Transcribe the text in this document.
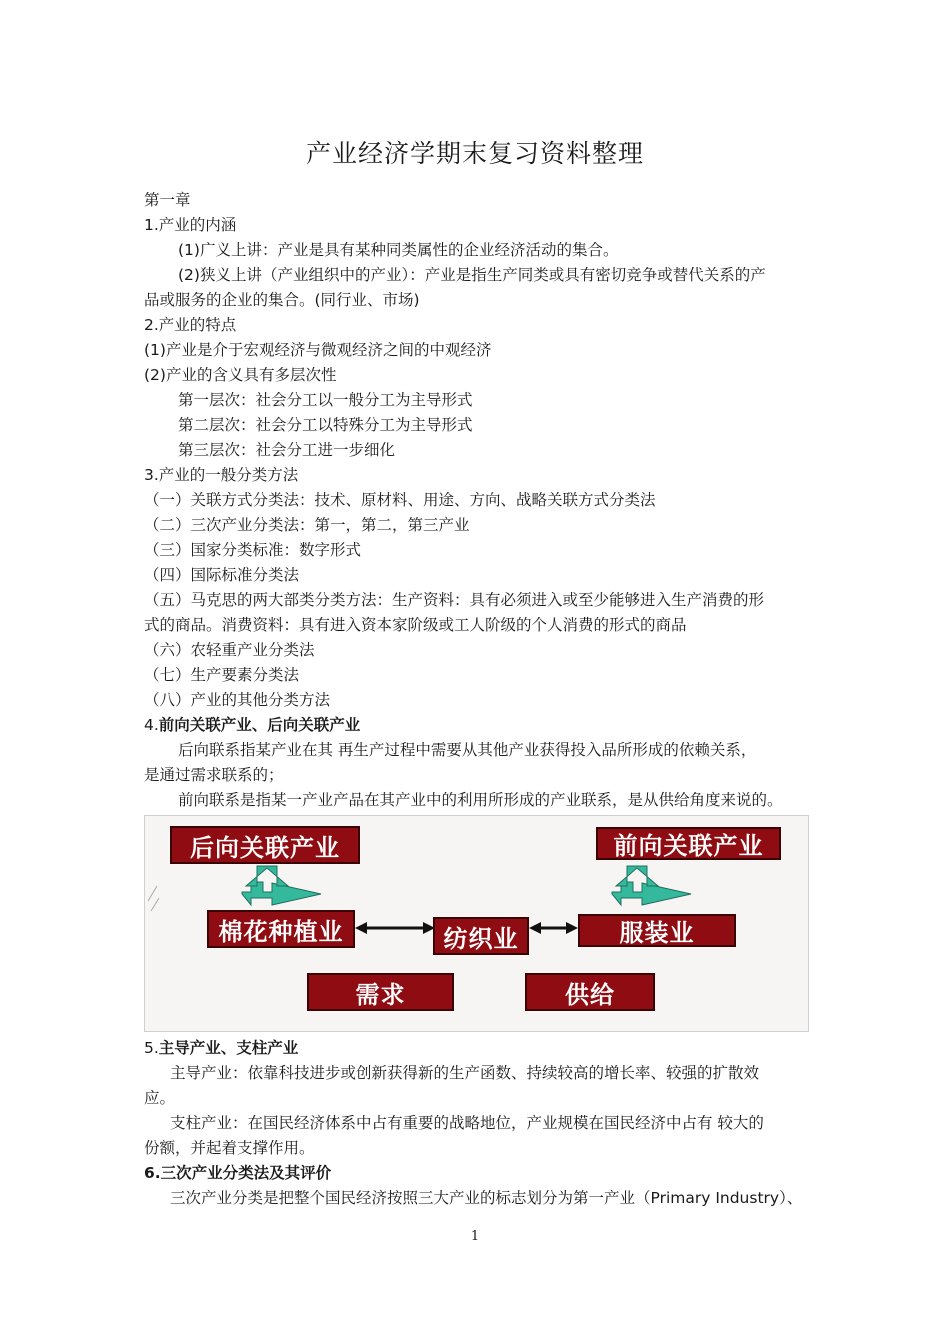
产业经济学期末复习资料整理
第一章
1.产业的内涵
(1)广义上讲：产业是具有某种同类属性的企业经济活动的集合。
(2)狭义上讲（产业组织中的产业）：产业是指生产同类或具有密切竞争或替代关系的产
品或服务的企业的集合。(同行业、市场)
2.产业的特点
(1)产业是介于宏观经济与微观经济之间的中观经济
(2)产业的含义具有多层次性
第一层次：社会分工以一般分工为主导形式
第二层次：社会分工以特殊分工为主导形式
第三层次：社会分工进一步细化
3.产业的一般分类方法
（一）关联方式分类法：技术、原材料、用途、方向、战略关联方式分类法
（二）三次产业分类法：第一，第二，第三产业
（三）国家分类标准：数字形式
（四）国际标准分类法
（五）马克思的两大部类分类方法：生产资料：具有必须进入或至少能够进入生产消费的形
式的商品。消费资料：具有进入资本家阶级或工人阶级的个人消费的形式的商品
（六）农轻重产业分类法
（七）生产要素分类法
（八）产业的其他分类方法
4.前向关联产业、后向关联产业
后向联系指某产业在其 再生产过程中需要从其他产业获得投入品所形成的依赖关系，
是通过需求联系的；
前向联系是指某一产业产品在其产业中的利用所形成的产业联系，是从供给角度来说的。
后向关联产业	前向关联产业
棉花种植业	纺织业	服装业
需求	供给
5.主导产业、支柱产业
主导产业：依靠科技进步或创新获得新的生产函数、持续较高的增长率、较强的扩散效
应。
支柱产业：在国民经济体系中占有重要的战略地位，产业规模在国民经济中占有 较大的
份额，并起着支撑作用。
6.三次产业分类法及其评价
三次产业分类是把整个国民经济按照三大产业的标志划分为第一产业（Primary Industry）、
1
